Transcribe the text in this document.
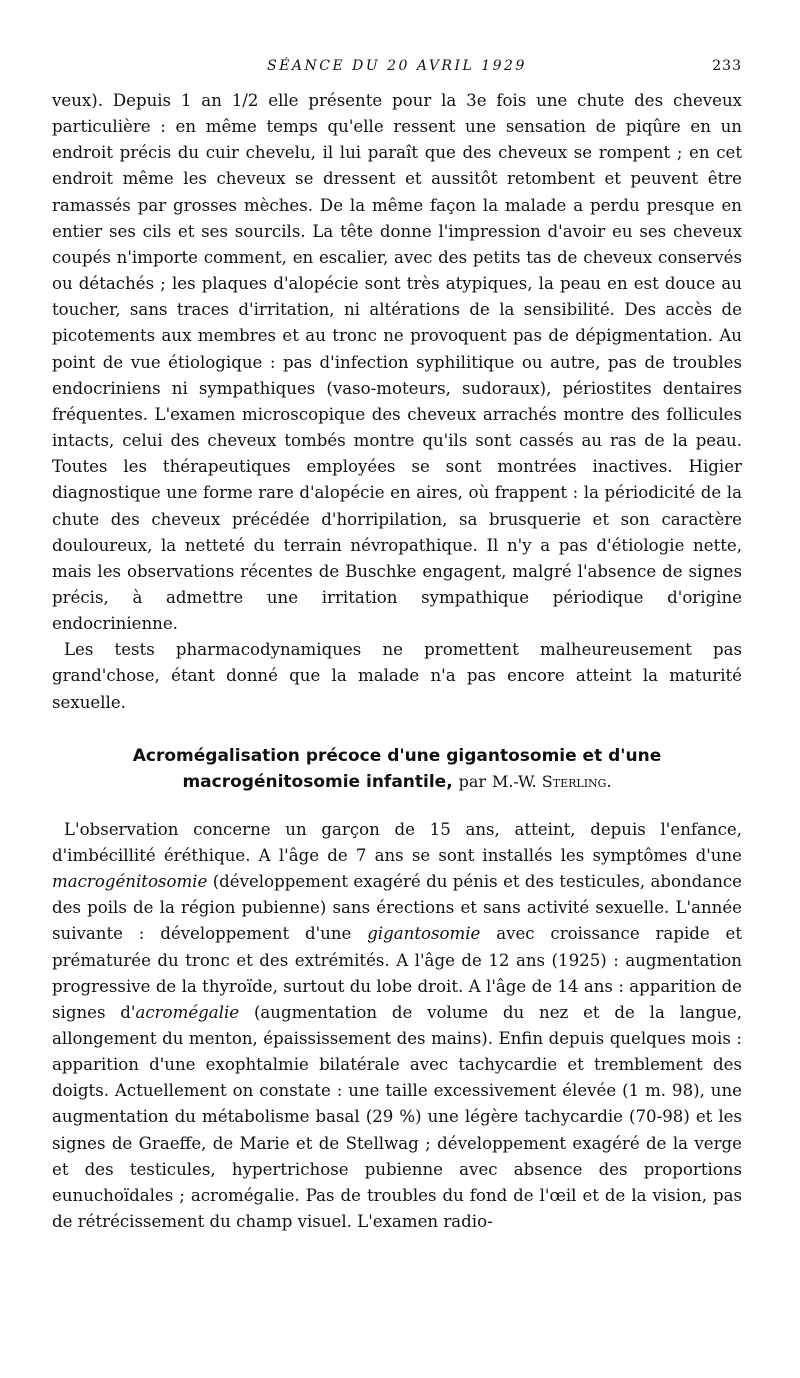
SÉANCE DU 20 AVRIL 1929	233

veux). Depuis 1 an 1/2 elle présente pour la 3e fois une chute des cheveux particulière : en même temps qu'elle ressent une sensation de piqûre en un endroit précis du cuir chevelu, il lui paraît que des cheveux se rompent ; en cet endroit même les cheveux se dressent et aussitôt retombent et peuvent être ramassés par grosses mèches. De la même façon la malade a perdu presque en entier ses cils et ses sourcils. La tête donne l'impression d'avoir eu ses cheveux coupés n'importe comment, en escalier, avec des petits tas de cheveux conservés ou détachés ; les plaques d'alopécie sont très atypiques, la peau en est douce au toucher, sans traces d'irritation, ni altérations de la sensibilité. Des accès de picotements aux membres et au tronc ne provoquent pas de dépigmentation. Au point de vue étiologique : pas d'infection syphilitique ou autre, pas de troubles endocriniens ni sympathiques (vaso-moteurs, sudoraux), périostites dentaires fréquentes. L'examen microscopique des cheveux arrachés montre des follicules intacts, celui des cheveux tombés montre qu'ils sont cassés au ras de la peau. Toutes les thérapeutiques employées se sont montrées inactives. Higier diagnostique une forme rare d'alopécie en aires, où frappent : la périodicité de la chute des cheveux précédée d'horripilation, sa brusquerie et son caractère douloureux, la netteté du terrain névropathique. Il n'y a pas d'étiologie nette, mais les observations récentes de Buschke engagent, malgré l'absence de signes précis, à admettre une irritation sympathique périodique d'origine endocrinienne.

Les tests pharmacodynamiques ne promettent malheureusement pas grand'chose, étant donné que la malade n'a pas encore atteint la maturité sexuelle.

Acromégalisation précoce d'une gigantosomie et d'une macrogénitosomie infantile, par M.-W. Sterling.

L'observation concerne un garçon de 15 ans, atteint, depuis l'enfance, d'imbécillité éréthique. A l'âge de 7 ans se sont installés les symptômes d'une macrogénitosomie (développement exagéré du pénis et des testicules, abondance des poils de la région pubienne) sans érections et sans activité sexuelle. L'année suivante : développement d'une gigantosomie avec croissance rapide et prématurée du tronc et des extrémités. A l'âge de 12 ans (1925) : augmentation progressive de la thyroïde, surtout du lobe droit. A l'âge de 14 ans : apparition de signes d'acromégalie (augmentation de volume du nez et de la langue, allongement du menton, épaississement des mains). Enfin depuis quelques mois : apparition d'une exophtalmie bilatérale avec tachycardie et tremblement des doigts. Actuellement on constate : une taille excessivement élevée (1 m. 98), une augmentation du métabolisme basal (29 %) une légère tachycardie (70-98) et les signes de Graeffe, de Marie et de Stellwag ; développement exagéré de la verge et des testicules, hypertrichose pubienne avec absence des proportions eunuchoïdales ; acromégalie. Pas de troubles du fond de l'œil et de la vision, pas de rétrécissement du champ visuel. L'examen radio-
